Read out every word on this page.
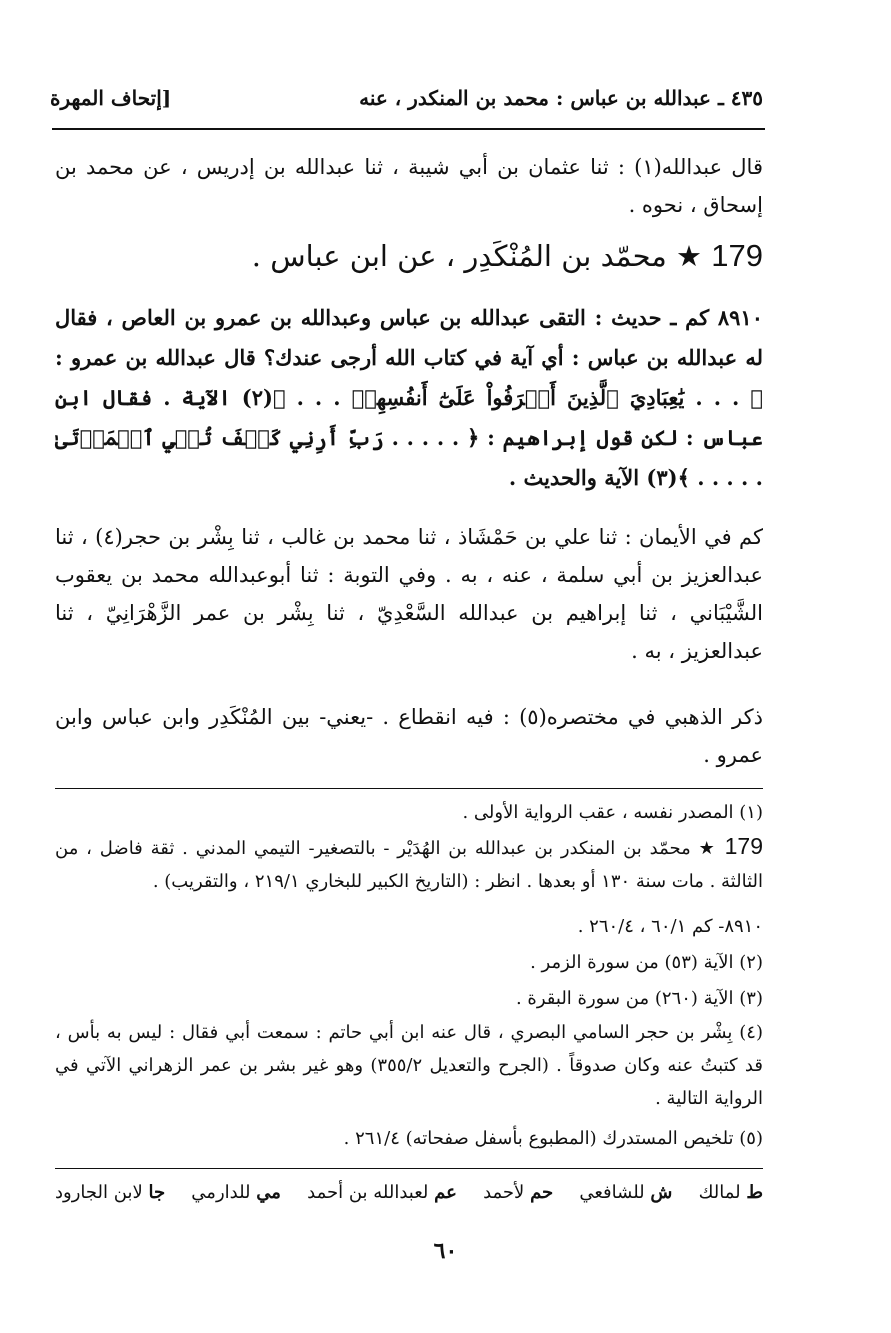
٤٣٥ ـ عبدالله بن عباس : محمد بن المنكدر ، عنه
[إتحاف المهرة
قال عبدالله(١) : ثنا عثمان بن أبي شيبة ، ثنا عبدالله بن إدريس ، عن محمد بن إسحاق ، نحوه .
179 ★ محمّد بن المُنْكَدِر ، عن ابن عباس .
٨٩١٠ كم ـ حديث : التقى عبدالله بن عباس وعبدالله بن عمرو بن العاص ، فقال له عبدالله بن عباس : أي آية في كتاب الله أرجى عندك؟ قال عبدالله بن عمرو : ﴿ . . . يَٰعِبَادِيَ ٱلَّذِينَ أَسۡرَفُواْ عَلَىٰٓ أَنفُسِهِمۡ . . . ﴾(٢) الآية . فقال ابن عباس : لكن قول إبراهيم : ﴿ . . . . . رَبِّ أَرِنِي كَيۡفَ تُحۡيِ ٱلۡمَوۡتَىٰ . . . . . ﴾(٣) الآية والحديث .
كم في الأيمان : ثنا علي بن حَمْشَاذ ، ثنا محمد بن غالب ، ثنا بِشْر بن حجر(٤) ، ثنا عبدالعزيز بن أبي سلمة ، عنه ، به . وفي التوبة : ثنا أبوعبدالله محمد بن يعقوب الشَّيْبَاني ، ثنا إبراهيم بن عبدالله السَّعْدِيّ ، ثنا بِشْر بن عمر الزَّهْرَانِيّ ، ثنا عبدالعزيز ، به .
ذكر الذهبي في مختصره(٥) : فيه انقطاع . -يعني- بين المُنْكَدِر وابن عباس وابن عمرو .
(١) المصدر نفسه ، عقب الرواية الأولى .
179 ★ محمّد بن المنكدر بن عبدالله بن الهُدَيْر - بالتصغير- التيمي المدني . ثقة فاضل ، من الثالثة . مات سنة ١٣٠ أو بعدها . انظر : (التاريخ الكبير للبخاري ٢١٩/١ ، والتقريب) .
٨٩١٠- كم ٦٠/١ ، ٢٦٠/٤ .
(٢) الآية (٥٣) من سورة الزمر .
(٣) الآية (٢٦٠) من سورة البقرة .
(٤) بِشْر بن حجر السامي البصري ، قال عنه ابن أبي حاتم : سمعت أبي فقال : ليس به بأس ، قد كتبتُ عنه وكان صدوقاً . (الجرح والتعديل ٣٥٥/٢) وهو غير بشر بن عمر الزهراني الآتي في الرواية التالية .
(٥) تلخيص المستدرك (المطبوع بأسفل صفحاته) ٢٦١/٤ .
ط لمالك
ش للشافعي
حم لأحمد
عم لعبدالله بن أحمد
مي للدارمي
جا لابن الجارود
٦٠
